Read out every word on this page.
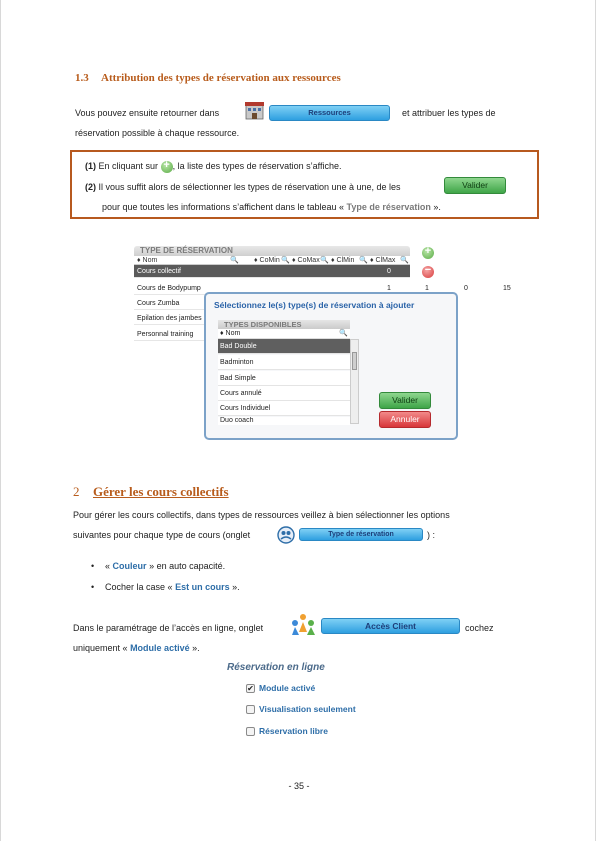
1.3 Attribution des types de réservation aux ressources
Vous pouvez ensuite retourner dans	Ressources	et attribuer les types de
réservation possible à chaque ressource.
(1) En cliquant sur + , la liste des types de réservation s’affiche.
(2) Il vous suffit alors de sélectionner les types de réservation une à une, de les	Valider
pour que toutes les informations s’affichent dans le tableau « Type de réservation ».
TYPE DE RÉSERVATION
♦ Nom	🔍 ♦ CoMin 🔍 ♦ CoMax 🔍 ♦ ClMin 🔍 ♦ ClMax 🔍
Cours collectif	0	0	2
Cours de Bodypump	1	1	0	15
Cours Zumba
Epilation des jambes
Personnal training
+
−
Sélectionnez le(s) type(s) de réservation à ajouter
TYPES DISPONIBLES
♦ Nom	🔍
Bad Double
Badminton
Bad Simple
Cours annulé
Cours Individuel
Duo coach
Valider
Annuler
2 Gérer les cours collectifs
Pour gérer les cours collectifs, dans types de ressources veillez à bien sélectionner les options
suivantes pour chaque type de cours (onglet	Type de réservation	) :
• « Couleur » en auto capacité.
• Cocher la case « Est un cours ».
Dans le paramétrage de l’accès en ligne, onglet	Accès Client	cochez
uniquement « Module activé ».
Réservation en ligne
✔ Module activé
Visualisation seulement
Réservation libre
- 35 -
